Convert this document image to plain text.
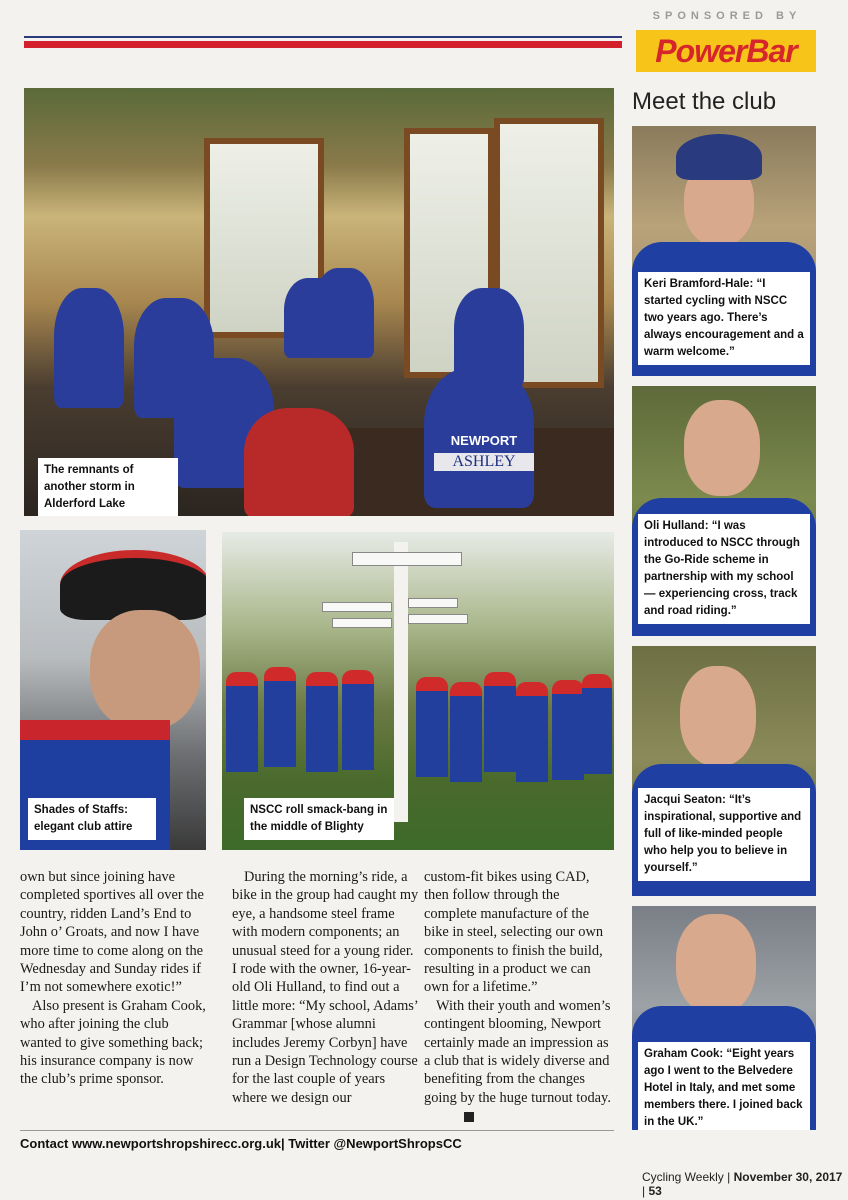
SPONSORED BY
PowerBar
Meet the club
NEWPORT
ASHLEY
The remnants of another storm in Alderford Lake
Shades of Staffs: elegant club attire
NSCC roll smack-bang in the middle of Blighty
Keri Bramford-Hale: “I started cycling with NSCC two years ago. There’s always encouragement and a warm welcome.”
Oli Hulland: “I was introduced to NSCC through the Go-Ride scheme in partnership with my school — experiencing cross, track and road riding.”
Jacqui Seaton: “It’s inspirational, supportive and full of like-minded people who help you to believe in yourself.”
Graham Cook: “Eight years ago I went to the Belvedere Hotel in Italy, and met some members there. I joined back in the UK.”

own but since joining have completed sportives all over the country, ridden Land’s End to John o’ Groats, and now I have more time to come along on the Wednesday and Sunday rides if I’m not somewhere exotic!”

Also present is Graham Cook, who after joining the club wanted to give something back; his insurance company is now the club’s prime sponsor.

During the morning’s ride, a bike in the group had caught my eye, a handsome steel frame with modern components; an unusual steed for a young rider. I rode with the owner, 16-year-old Oli Hulland, to find out a little more: “My school, Adams’ Grammar [whose alumni includes Jeremy Corbyn] have run a Design Technology course for the last couple of years where we design our

custom-fit bikes using CAD, then follow through the complete manufacture of the bike in steel, selecting our own components to finish the build, resulting in a product we can own for a lifetime.”

With their youth and women’s contingent blooming, Newport certainly made an impression as a club that is widely diverse and benefiting from the changes going by the huge turnout today.

Contact www.newportshropshirecc.org.uk| Twitter @NewportShropsCC
Cycling Weekly | November 30, 2017 | 53
